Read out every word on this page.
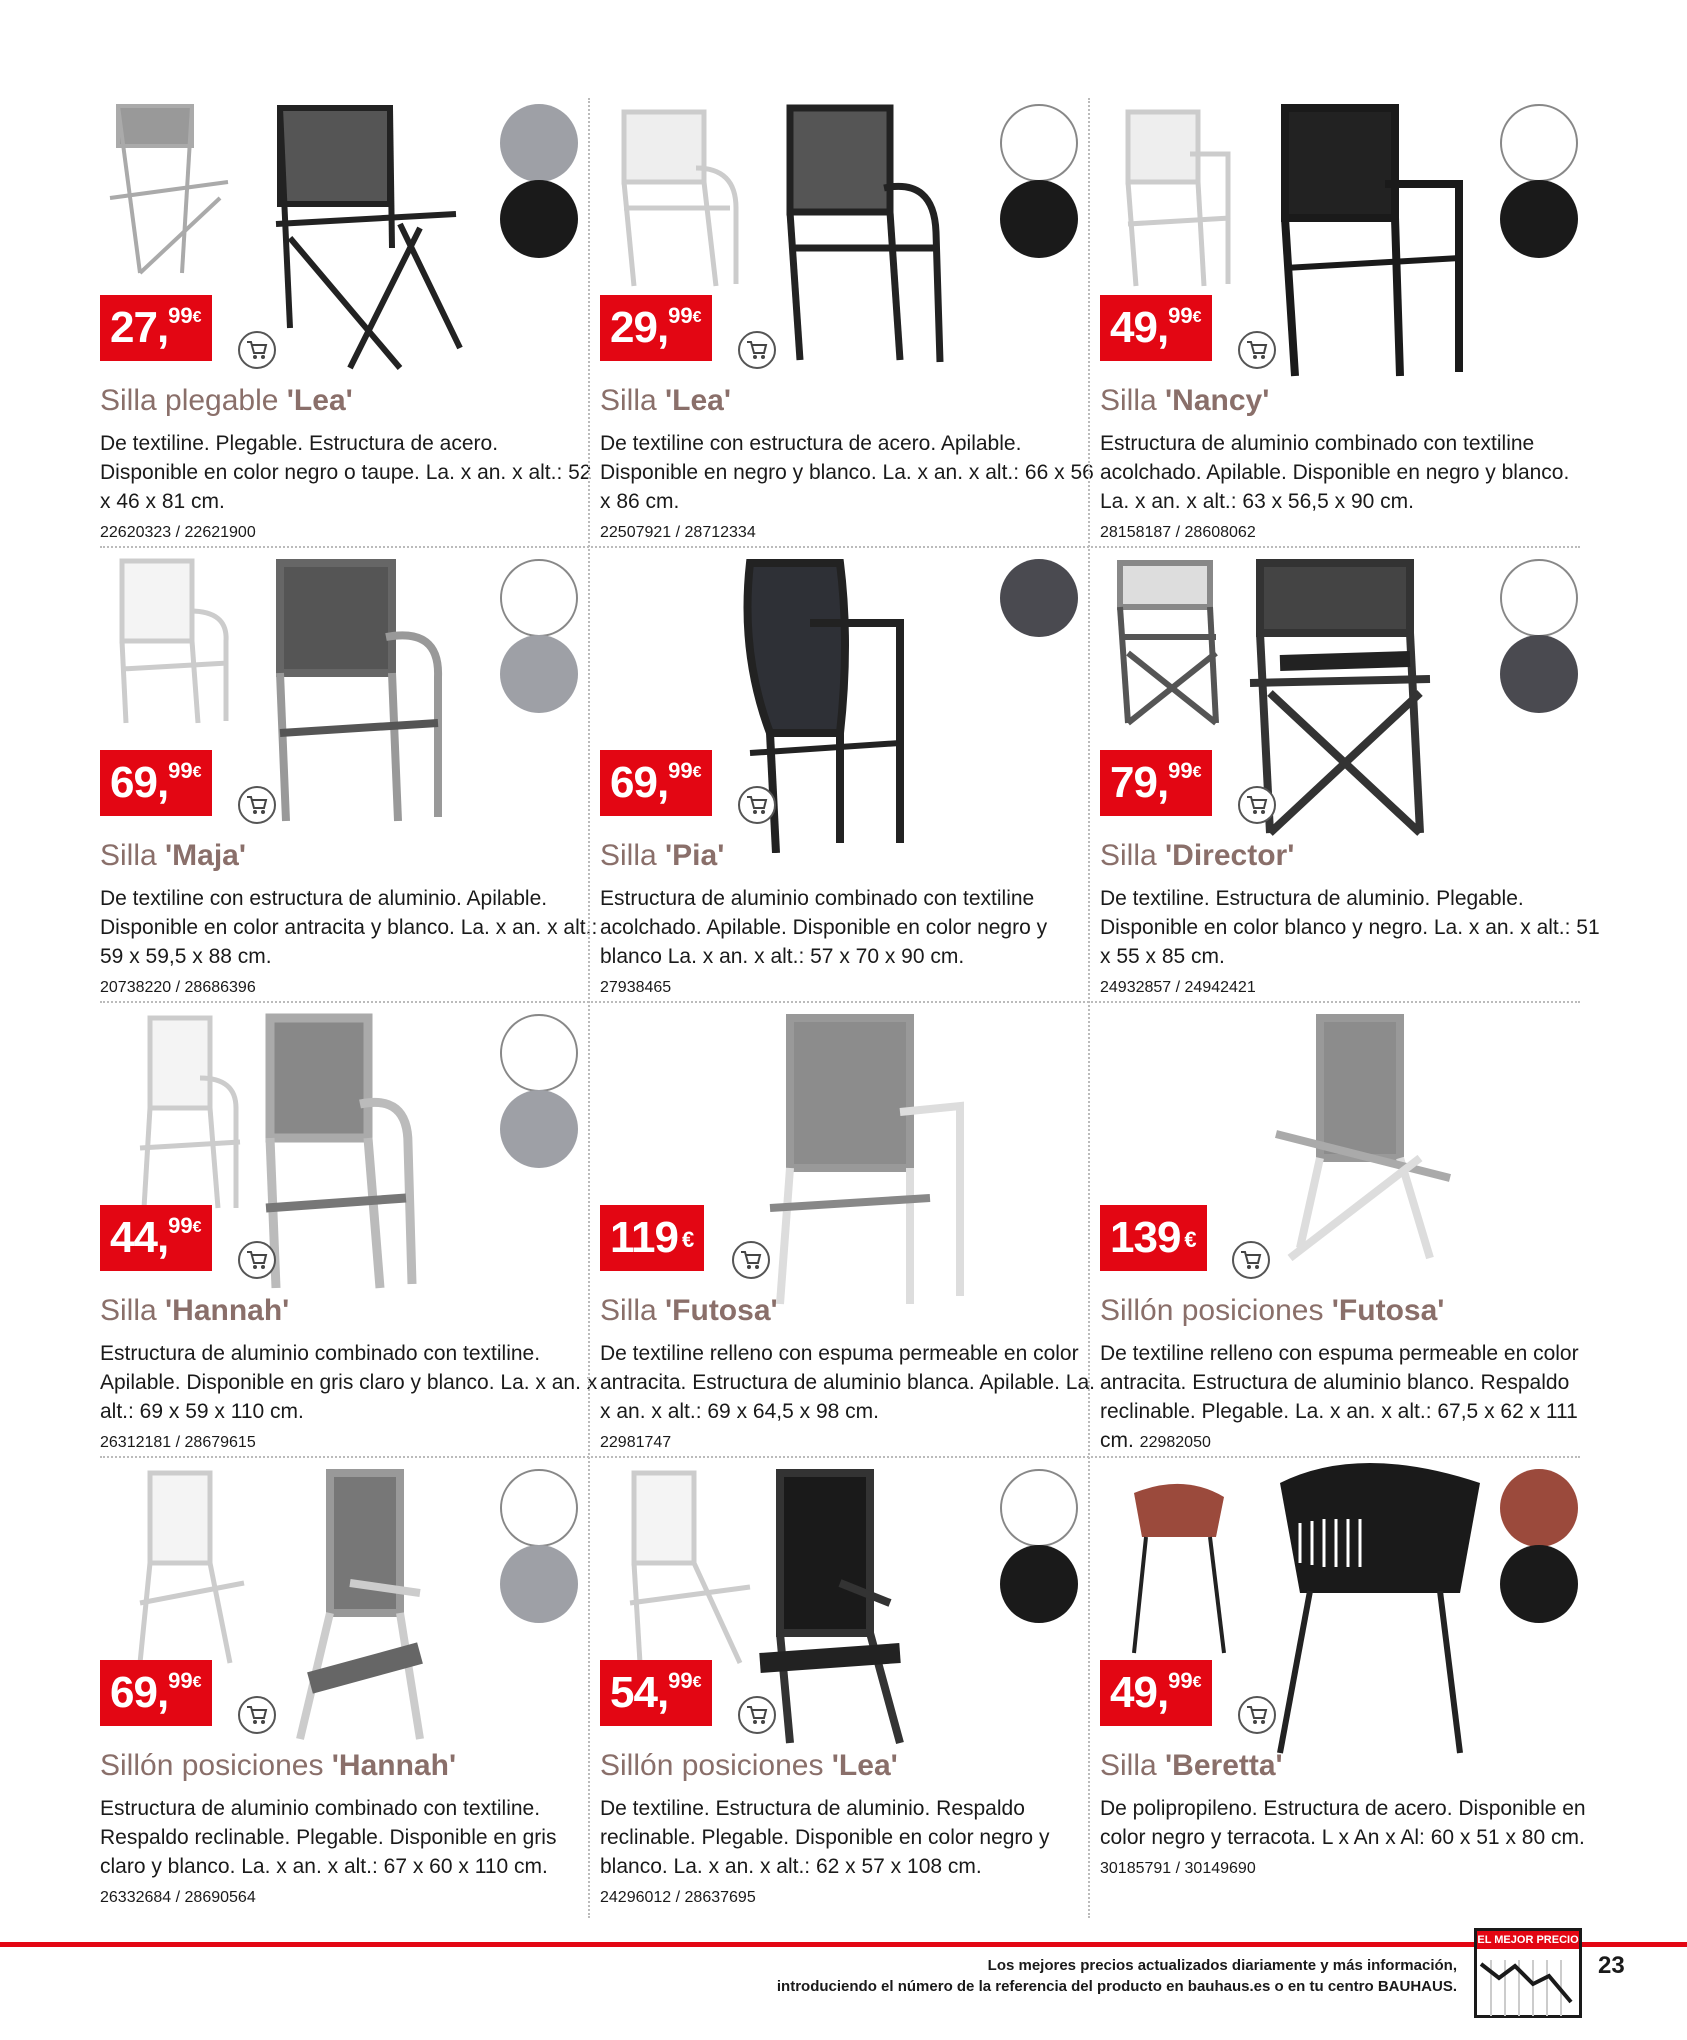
27, 99 €
Silla plegable 'Lea'
De textiline. Plegable. Estructura de acero. Disponible en color negro o taupe. La. x an. x alt.: 52 x 46 x 81 cm.
22620323 / 22621900
29, 99 €
Silla 'Lea'
De textiline con estructura de acero. Apilable. Disponible en negro y blanco. La. x an. x alt.: 66 x 56 x 86 cm.
22507921 / 28712334
49, 99 €
Silla 'Nancy'
Estructura de aluminio combinado con textiline acolchado. Apilable. Disponible en negro y blanco. La. x an. x alt.: 63 x 56,5 x 90 cm.
28158187 / 28608062
69, 99 €
Silla 'Maja'
De textiline con estructura de aluminio. Apilable. Disponible en color antracita y blanco. La. x an. x alt.: 59 x 59,5 x 88 cm.
20738220 / 28686396
69, 99 €
Silla 'Pia'
Estructura de aluminio combinado con textiline acolchado. Apilable. Disponible en color negro y blanco La. x an. x alt.: 57 x 70 x 90 cm.
27938465
79, 99 €
Silla 'Director'
De textiline. Estructura de aluminio. Plegable. Disponible en color blanco y negro. La. x an. x alt.: 51 x 55 x 85 cm.
24932857 / 24942421
44, 99 €
Silla 'Hannah'
Estructura de aluminio combinado con textiline. Apilable. Disponible en gris claro y blanco. La. x an. x alt.: 69 x 59 x 110 cm.
26312181 / 28679615
119 €
Silla 'Futosa'
De textiline relleno con espuma permeable en color antracita. Estructura de aluminio blanca. Apilable. La. x an. x alt.: 69 x 64,5 x 98 cm.
22981747
139 €
Sillón posiciones 'Futosa'
De textiline relleno con espuma permeable en color antracita. Estructura de aluminio blanco. Respaldo reclinable. Plegable. La. x an. x alt.: 67,5 x 62 x 111 cm. 22982050
69, 99 €
Sillón posiciones 'Hannah'
Estructura de aluminio combinado con textiline. Respaldo reclinable. Plegable. Disponible en gris claro y blanco. La. x an. x alt.: 67 x 60 x 110 cm.
26332684 / 28690564
54, 99 €
Sillón posiciones 'Lea'
De textiline. Estructura de aluminio. Respaldo reclinable. Plegable. Disponible en color negro y blanco. La. x an. x alt.: 62 x 57 x 108 cm.
24296012 / 28637695
49, 99 €
Silla 'Beretta'
De polipropileno. Estructura de acero. Disponible en color negro y terracota. L x An x Al: 60 x 51 x 80 cm.
30185791 / 30149690
Los mejores precios actualizados diariamente y más información,
introduciendo el número de la referencia del producto en bauhaus.es o en tu centro BAUHAUS.
EL MEJOR PRECIO
23
